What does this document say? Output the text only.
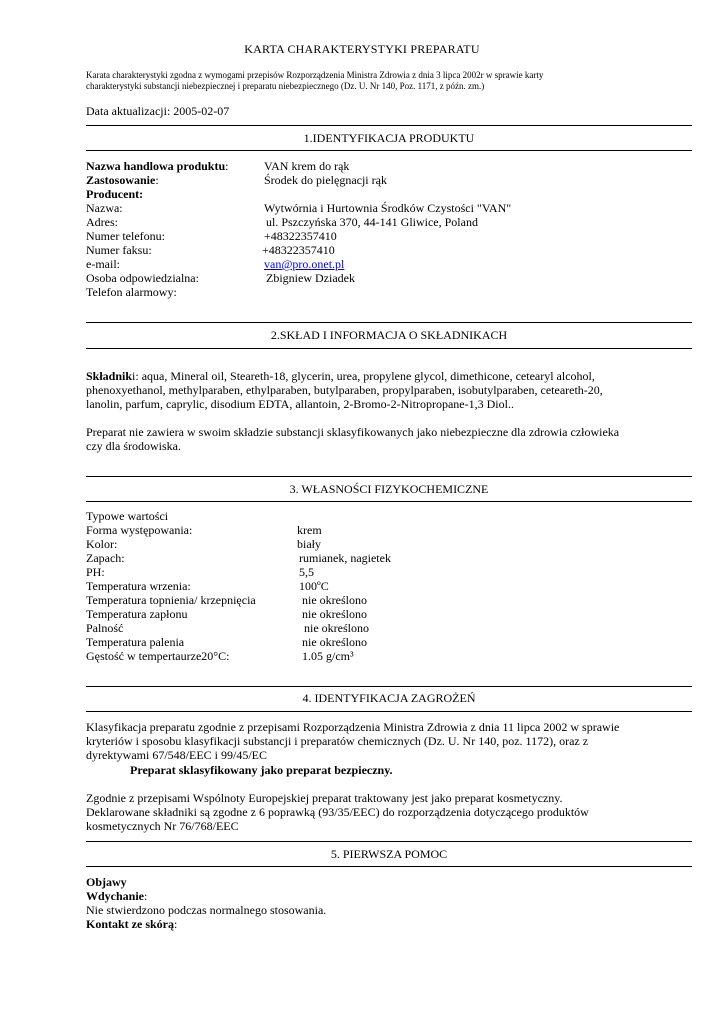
KARTA CHARAKTERYSTYKI PREPARATU
Karata charakterystyki zgodna z wymogami przepisów Rozporządzenia Ministra Zdrowia z dnia 3 lipca 2002r w sprawie karty
charakterystyki substancji niebezpiecznej i preparatu niebezpiecznego (Dz. U. Nr 140, Poz. 1171, z późn. zm.)
Data aktualizacji: 2005-02-07
1.IDENTYFIKACJA PRODUKTU
Nazwa handlowa produktu:	VAN krem do rąk
Zastosowanie:	Środek do pielęgnacji rąk
Producent:
Nazwa:	Wytwórnia i Hurtownia Środków Czystości "VAN"
Adres:	ul. Pszczyńska 370, 44-141 Gliwice, Poland
Numer telefonu:	+48322357410
Numer faksu:	+48322357410
e-mail:	van@pro.onet.pl
Osoba odpowiedzialna:	Zbigniew Dziadek
Telefon alarmowy:
2.SKŁAD I INFORMACJA O SKŁADNIKACH
Składniki: aqua, Mineral oil, Steareth-18, glycerin, urea, propylene glycol, dimethicone, cetearyl alcohol,
phenoxyethanol, methylparaben, ethylparaben, butylparaben, propylparaben, isobutylparaben, ceteareth-20,
lanolin, parfum, caprylic, disodium EDTA, allantoin, 2-Bromo-2-Nitropropane-1,3 Diol..
Preparat nie zawiera w swoim składzie substancji sklasyfikowanych jako niebezpieczne dla zdrowia człowieka
czy dla środowiska.
3. WŁASNOŚCI FIZYKOCHEMICZNE
Typowe wartości
Forma występowania:	krem
Kolor:	biały
Zapach:	rumianek, nagietek
PH:	5,5
Temperatura wrzenia:	100ºC
Temperatura topnienia/ krzepnięcia	nie określono
Temperatura zapłonu	nie określono
Palność	nie określono
Temperatura palenia	nie określono
Gęstość w tempertaurze20°C:	1.05 g/cm³
4. IDENTYFIKACJA ZAGROŻEŃ
Klasyfikacja preparatu zgodnie z przepisami Rozporządzenia Ministra Zdrowia z dnia 11 lipca 2002 w sprawie
kryteriów i sposobu klasyfikacji substancji i preparatów chemicznych (Dz. U. Nr 140, poz. 1172), oraz z
dyrektywami 67/548/EEC i 99/45/EC
Preparat sklasyfikowany jako preparat bezpieczny.
Zgodnie z przepisami Wspólnoty Europejskiej preparat traktowany jest jako preparat kosmetyczny.
Deklarowane składniki są zgodne z 6 poprawką (93/35/EEC) do rozporządzenia dotyczącego produktów
kosmetycznych Nr 76/768/EEC
5. PIERWSZA POMOC
Objawy
Wdychanie:
Nie stwierdzono podczas normalnego stosowania.
Kontakt ze skórą:
